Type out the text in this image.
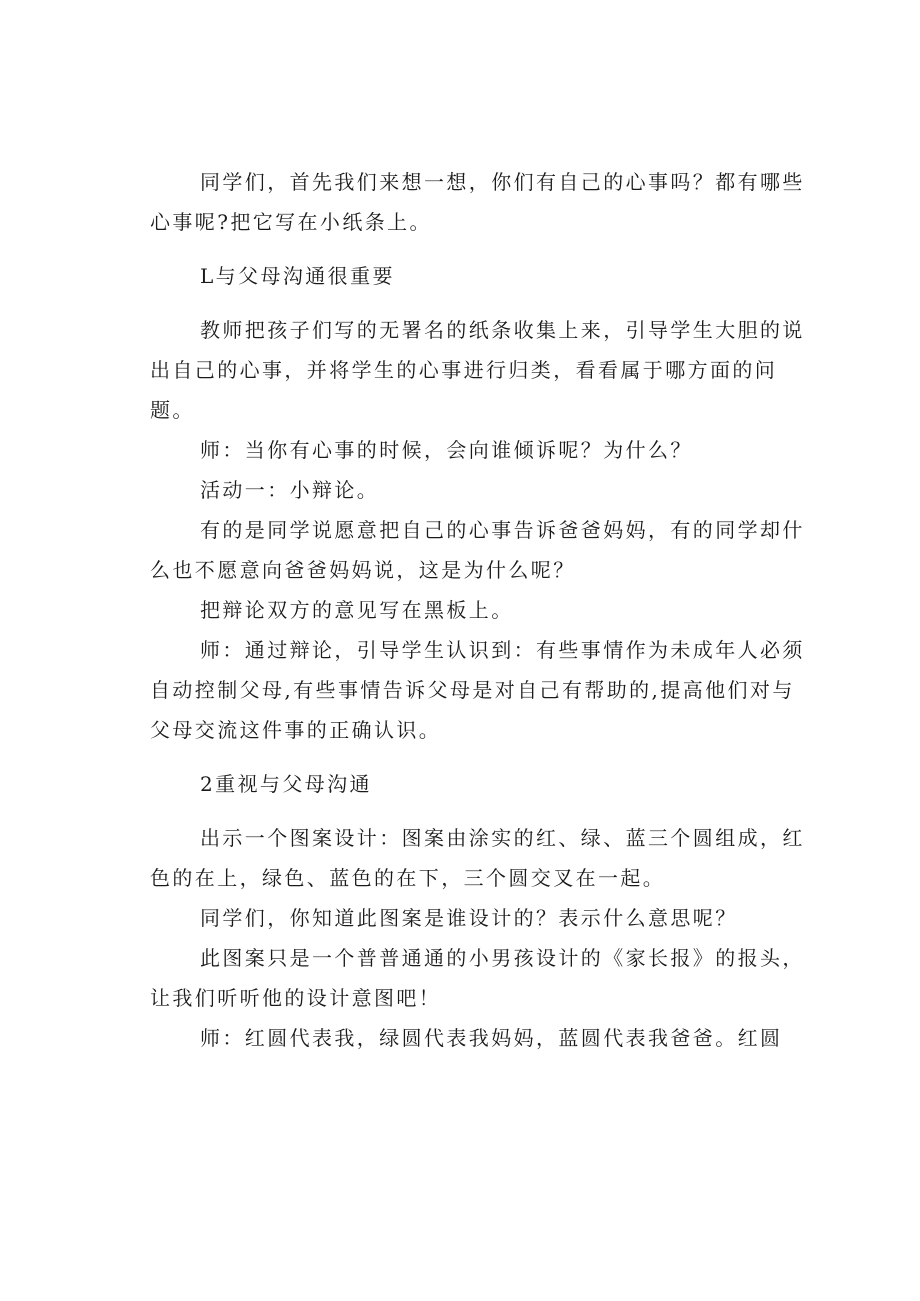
同学们，首先我们来想一想，你们有自己的心事吗？都有哪些心事呢?把它写在小纸条上。

L与父母沟通很重要

教师把孩子们写的无署名的纸条收集上来，引导学生大胆的说出自己的心事，并将学生的心事进行归类，看看属于哪方面的问题。

师：当你有心事的时候，会向谁倾诉呢？为什么？

活动一：小辩论。

有的是同学说愿意把自己的心事告诉爸爸妈妈，有的同学却什么也不愿意向爸爸妈妈说，这是为什么呢？

把辩论双方的意见写在黑板上。

师：通过辩论，引导学生认识到：有些事情作为未成年人必须自动控制父母,有些事情告诉父母是对自己有帮助的,提高他们对与父母交流这件事的正确认识。

2重视与父母沟通

出示一个图案设计：图案由涂实的红、绿、蓝三个圆组成，红色的在上，绿色、蓝色的在下，三个圆交叉在一起。

同学们，你知道此图案是谁设计的？表示什么意思呢？

此图案只是一个普普通通的小男孩设计的《家长报》的报头，让我们听听他的设计意图吧！

师：红圆代表我，绿圆代表我妈妈，蓝圆代表我爸爸。红圆
